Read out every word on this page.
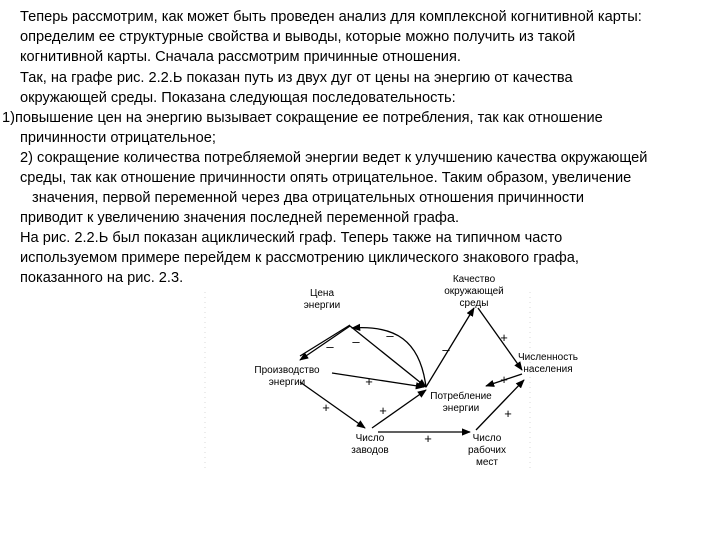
Теперь рассмотрим, как может быть проведен анализ для комплексной когнитивной карты:
определим ее структурные свойства и выводы, которые можно получить из такой
когнитивной карты. Сначала рассмотрим причинные отношения.
Так, на графе рис. 2.2.Ь показан путь из двух дуг от цены на энергию от качества
окружающей среды. Показана следующая последовательность:
1)повышение цен на энергию вызывает сокращение ее потребления, так как отношение
причинности отрицательное;
2) сокращение количества потребляемой энергии ведет к улучшению качества окружающей
среды, так как отношение причинности опять отрицательное. Таким образом, увеличение
значения, первой переменной через два отрицательных отношения причинности
приводит к увеличению значения последней переменной графа.
На рис. 2.2.Ь был показан ациклический граф. Теперь также на типичном часто
используемом примере перейдем к рассмотрению циклического знакового графа,
показанного на рис. 2.3.
Цена
энергии
Качество
окружающей
среды
Производство
энергии
Численность
населения
Потребление
энергии
Число
заводов
Число
рабочих
мест
– – –
+
+	+
–
+
+
+
+
